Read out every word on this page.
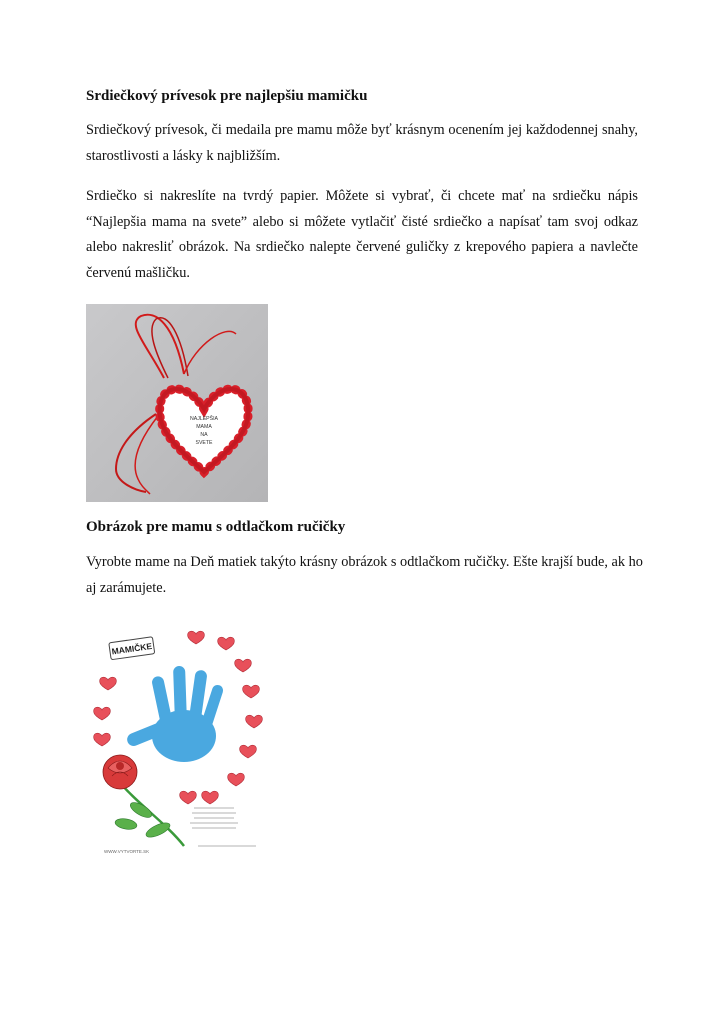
Srdiečkový prívesok pre najlepšiu mamičku

Srdiečkový prívesok, či medaila pre mamu môže byť krásnym ocenením jej každodennej snahy, starostlivosti a lásky k najbližším.

Srdiečko si nakreslíte na tvrdý papier. Môžete si vybrať, či chcete mať na srdiečku nápis “Najlepšia mama na svete” alebo si môžete vytlačiť čisté srdiečko a napísať tam svoj odkaz alebo nakresliť obrázok. Na srdiečko nalepte červené guličky z krepového papiera a navlečte červenú mašličku.

NAJLEPŠIA
MAMA
NA
SVETE
Obrázok pre mamu s odtlačkom ručičky

Vyrobte mame na Deň matiek takýto krásny obrázok s odtlačkom ručičky. Ešte krajší bude, ak ho aj zarámujete.

MAMIČKE
WWW.VYTVORTE.SK
